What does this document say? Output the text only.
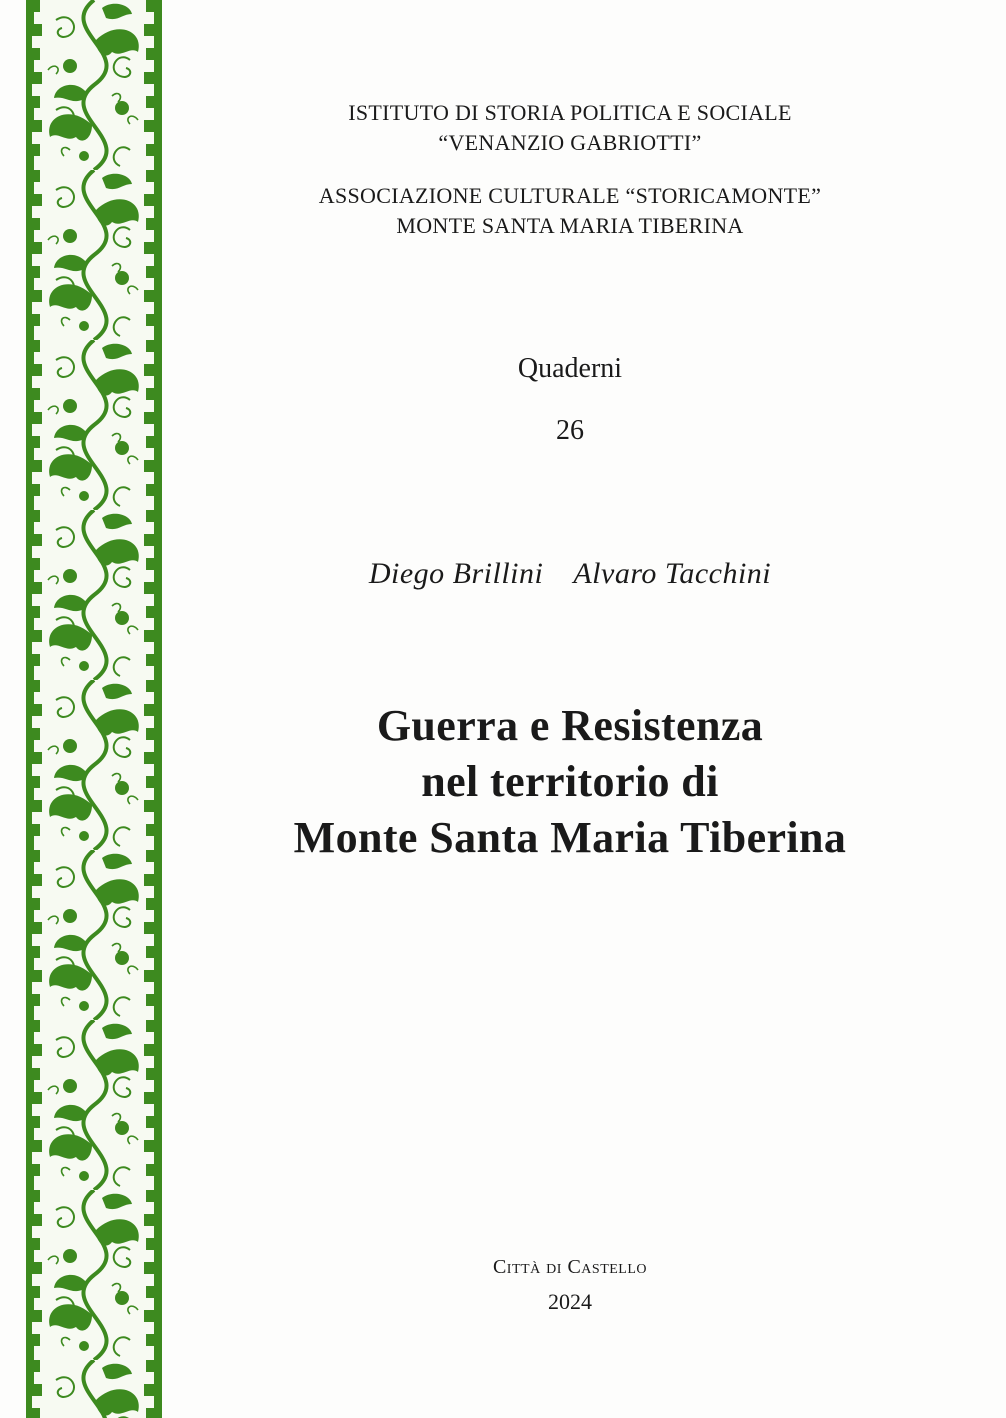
ISTITUTO DI STORIA POLITICA E SOCIALE
“VENANZIO GABRIOTTI”
ASSOCIAZIONE CULTURALE “STORICAMONTE”
MONTE SANTA MARIA TIBERINA
Quaderni
26
Diego Brillini Alvaro Tacchini
Guerra e Resistenza
nel territorio di
Monte Santa Maria Tiberina
Città di Castello
2024
